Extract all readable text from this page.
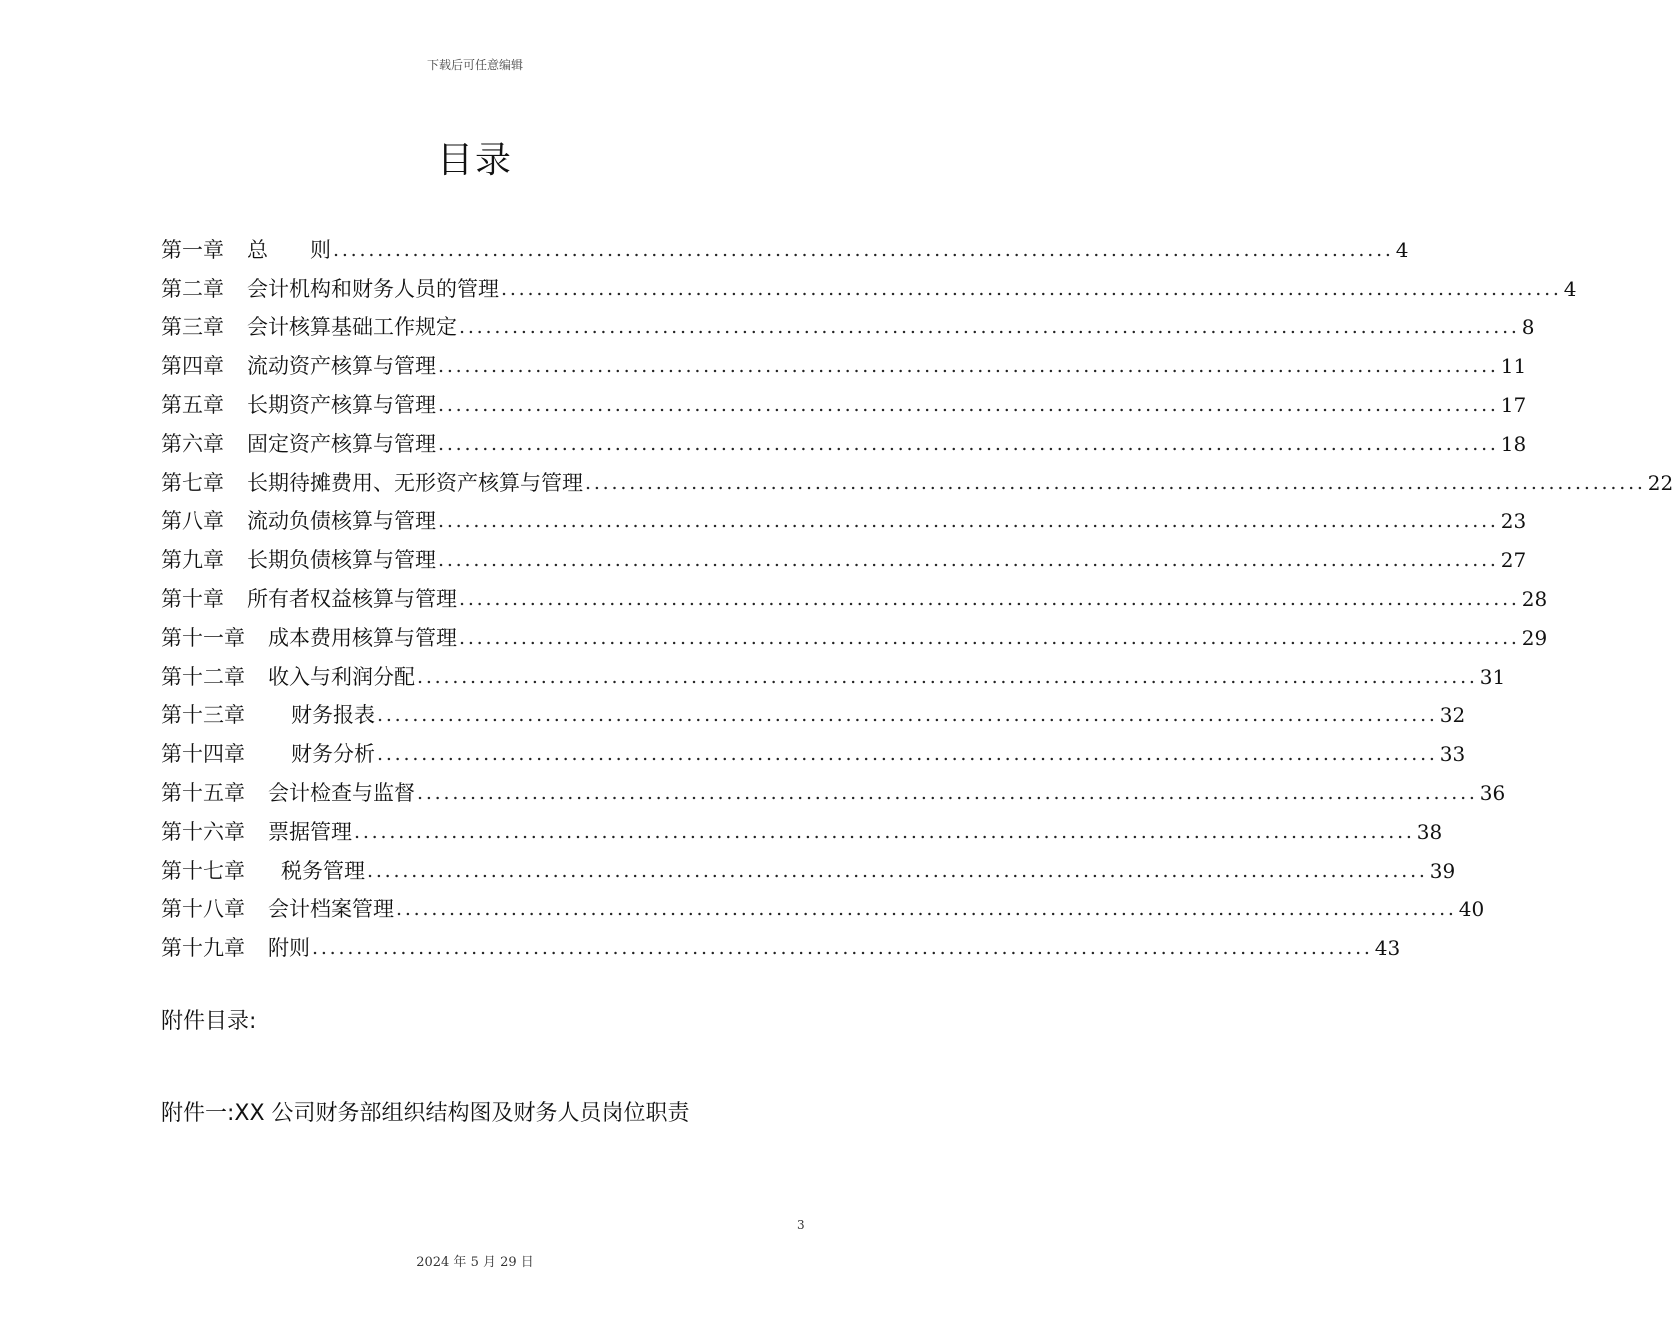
下载后可任意编辑
目录
第一章 总　　则 ........................................................................................................................ 4
第二章 会计机构和财务人员的管理 ........................................................................................................................ 4
第三章 会计核算基础工作规定 ........................................................................................................................ 8
第四章 流动资产核算与管理 ........................................................................................................................ 11
第五章 长期资产核算与管理 ........................................................................................................................ 17
第六章 固定资产核算与管理 ........................................................................................................................ 18
第七章 长期待摊费用、无形资产核算与管理 ........................................................................................................................ 22
第八章 流动负债核算与管理 ........................................................................................................................ 23
第九章 长期负债核算与管理 ........................................................................................................................ 27
第十章 所有者权益核算与管理 ........................................................................................................................ 28
第十一章 成本费用核算与管理 ........................................................................................................................ 29
第十二章 收入与利润分配 ........................................................................................................................ 31
第十三章 财务报表 ........................................................................................................................ 32
第十四章 财务分析 ........................................................................................................................ 33
第十五章 会计检查与监督 ........................................................................................................................ 36
第十六章 票据管理 ........................................................................................................................ 38
第十七章 税务管理 ........................................................................................................................ 39
第十八章 会计档案管理 ........................................................................................................................ 40
第十九章 附则 ........................................................................................................................ 43
附件目录:
附件一:XX 公司财务部组织结构图及财务人员岗位职责
3
2024 年 5 月 29 日
